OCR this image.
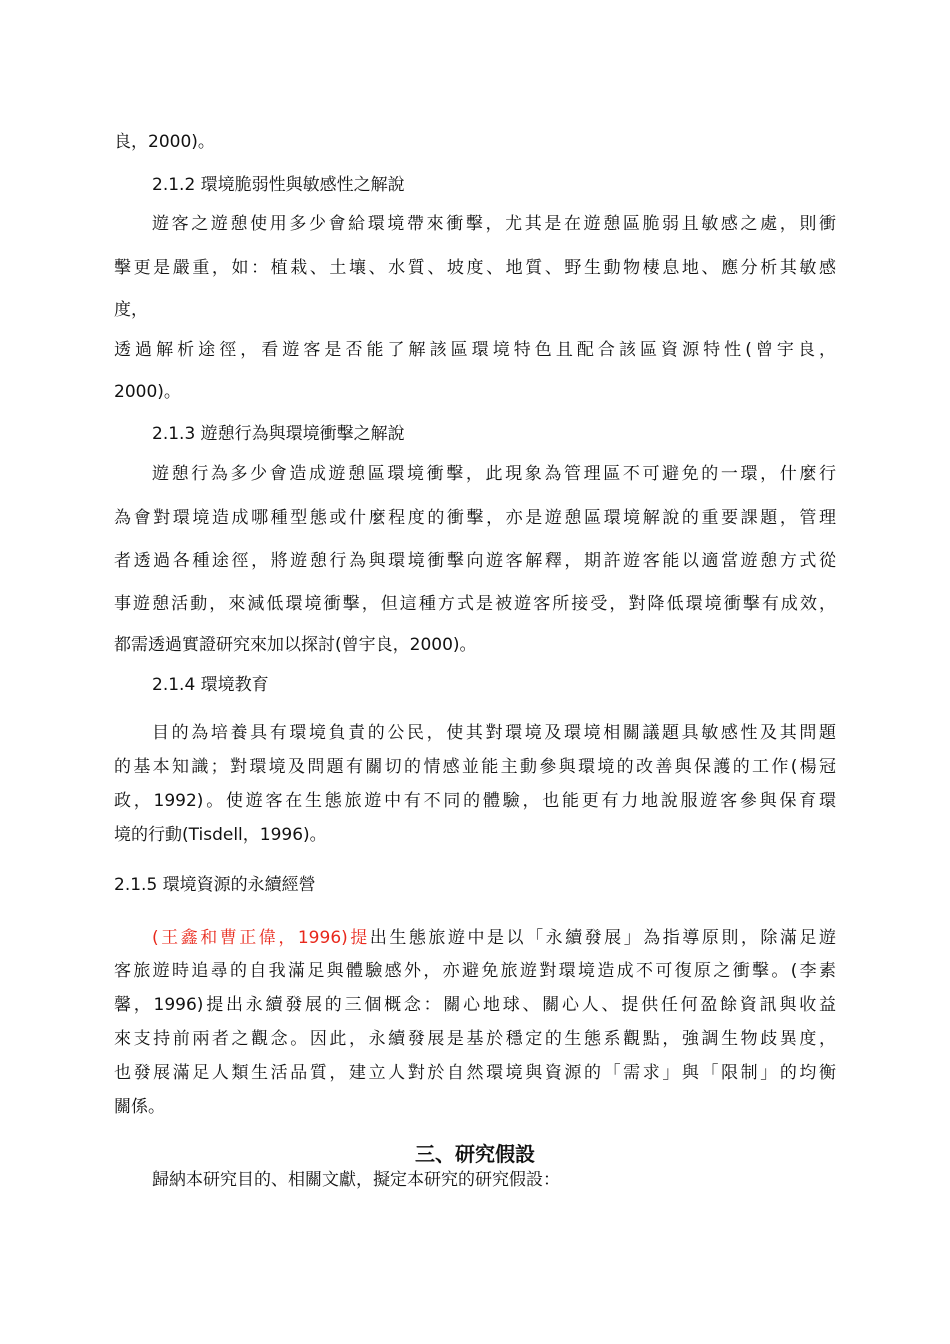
良，2000)。

2.1.2 環境脆弱性與敏感性之解說

遊客之遊憩使用多少會給環境帶來衝擊，尤其是在遊憩區脆弱且敏感之處，則衝

擊更是嚴重，如：植栽、土壤、水質、坡度、地質、野生動物棲息地、應分析其敏感

度，

透過解析途徑，看遊客是否能了解該區環境特色且配合該區資源特性(曾宇良，

2000)。

2.1.3 遊憩行為與環境衝擊之解說

遊憩行為多少會造成遊憩區環境衝擊，此現象為管理區不可避免的一環，什麼行

為會對環境造成哪種型態或什麼程度的衝擊，亦是遊憩區環境解說的重要課題，管理

者透過各種途徑，將遊憩行為與環境衝擊向遊客解釋，期許遊客能以適當遊憩方式從

事遊憩活動，來減低環境衝擊，但這種方式是被遊客所接受，對降低環境衝擊有成效，

都需透過實證研究來加以探討(曾宇良，2000)。

2.1.4 環境教育

目的為培養具有環境負責的公民，使其對環境及環境相關議題具敏感性及其問題

的基本知識；對環境及問題有關切的情感並能主動參與環境的改善與保護的工作(楊冠

政，1992)。使遊客在生態旅遊中有不同的體驗，也能更有力地說服遊客參與保育環

境的行動(Tisdell，1996)。

2.1.5 環境資源的永續經營

(王鑫和曹正偉，1996)提出生態旅遊中是以「永續發展」為指導原則，除滿足遊

客旅遊時追尋的自我滿足與體驗感外，亦避免旅遊對環境造成不可復原之衝擊。(李素

馨，1996)提出永續發展的三個概念：關心地球、關心人、提供任何盈餘資訊與收益

來支持前兩者之觀念。因此，永續發展是基於穩定的生態系觀點，強調生物歧異度，

也發展滿足人類生活品質，建立人對於自然環境與資源的「需求」與「限制」的均衡

關係。

三、研究假設

歸納本研究目的、相關文獻，擬定本研究的研究假設：
